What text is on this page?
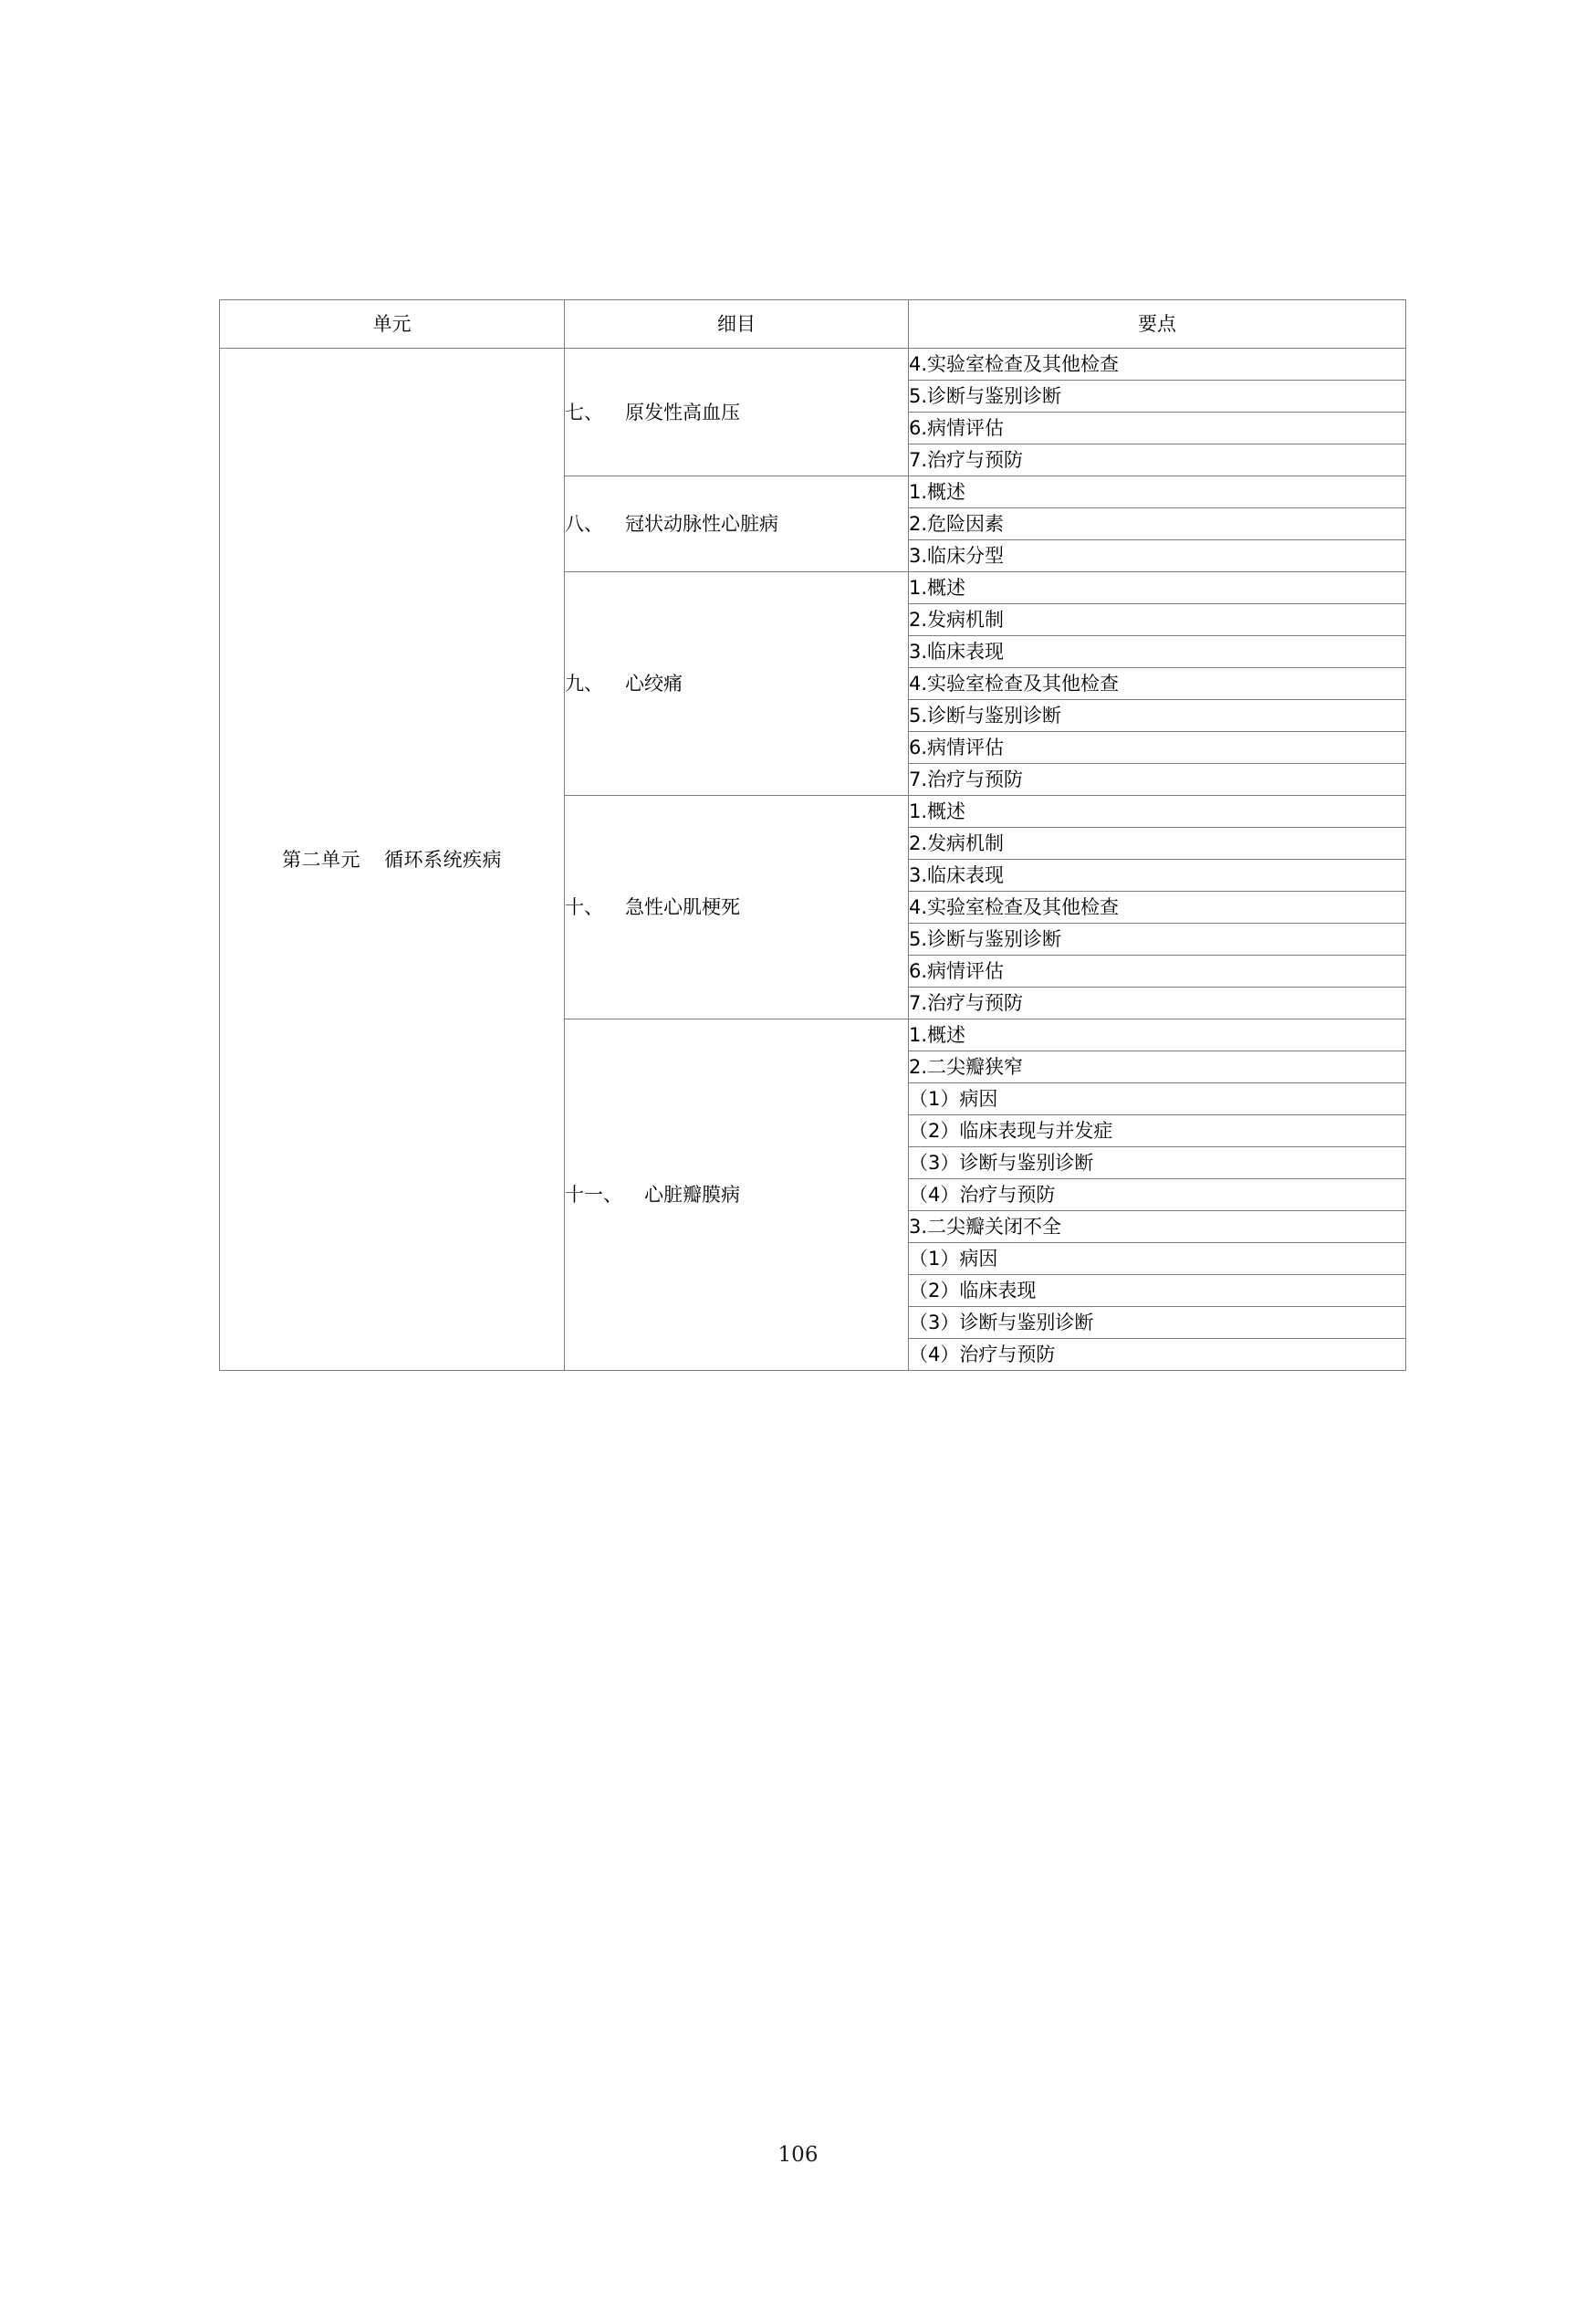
单元	细目	要点

第二单元 循环系统疾病	七、 原发性高血压	4.实验室检查及其他检查
		5.诊断与鉴别诊断
		6.病情评估
		7.治疗与预防
	八、 冠状动脉性心脏病	1.概述
		2.危险因素
		3.临床分型
	九、 心绞痛	1.概述
		2.发病机制
		3.临床表现
		4.实验室检查及其他检查
		5.诊断与鉴别诊断
		6.病情评估
		7.治疗与预防
	十、 急性心肌梗死	1.概述
		2.发病机制
		3.临床表现
		4.实验室检查及其他检查
		5.诊断与鉴别诊断
		6.病情评估
		7.治疗与预防
	十一、 心脏瓣膜病	1.概述
		2.二尖瓣狭窄
		（1）病因
		（2）临床表现与并发症
		（3）诊断与鉴别诊断
		（4）治疗与预防
		3.二尖瓣关闭不全
		（1）病因
		（2）临床表现
		（3）诊断与鉴别诊断
		（4）治疗与预防
106
